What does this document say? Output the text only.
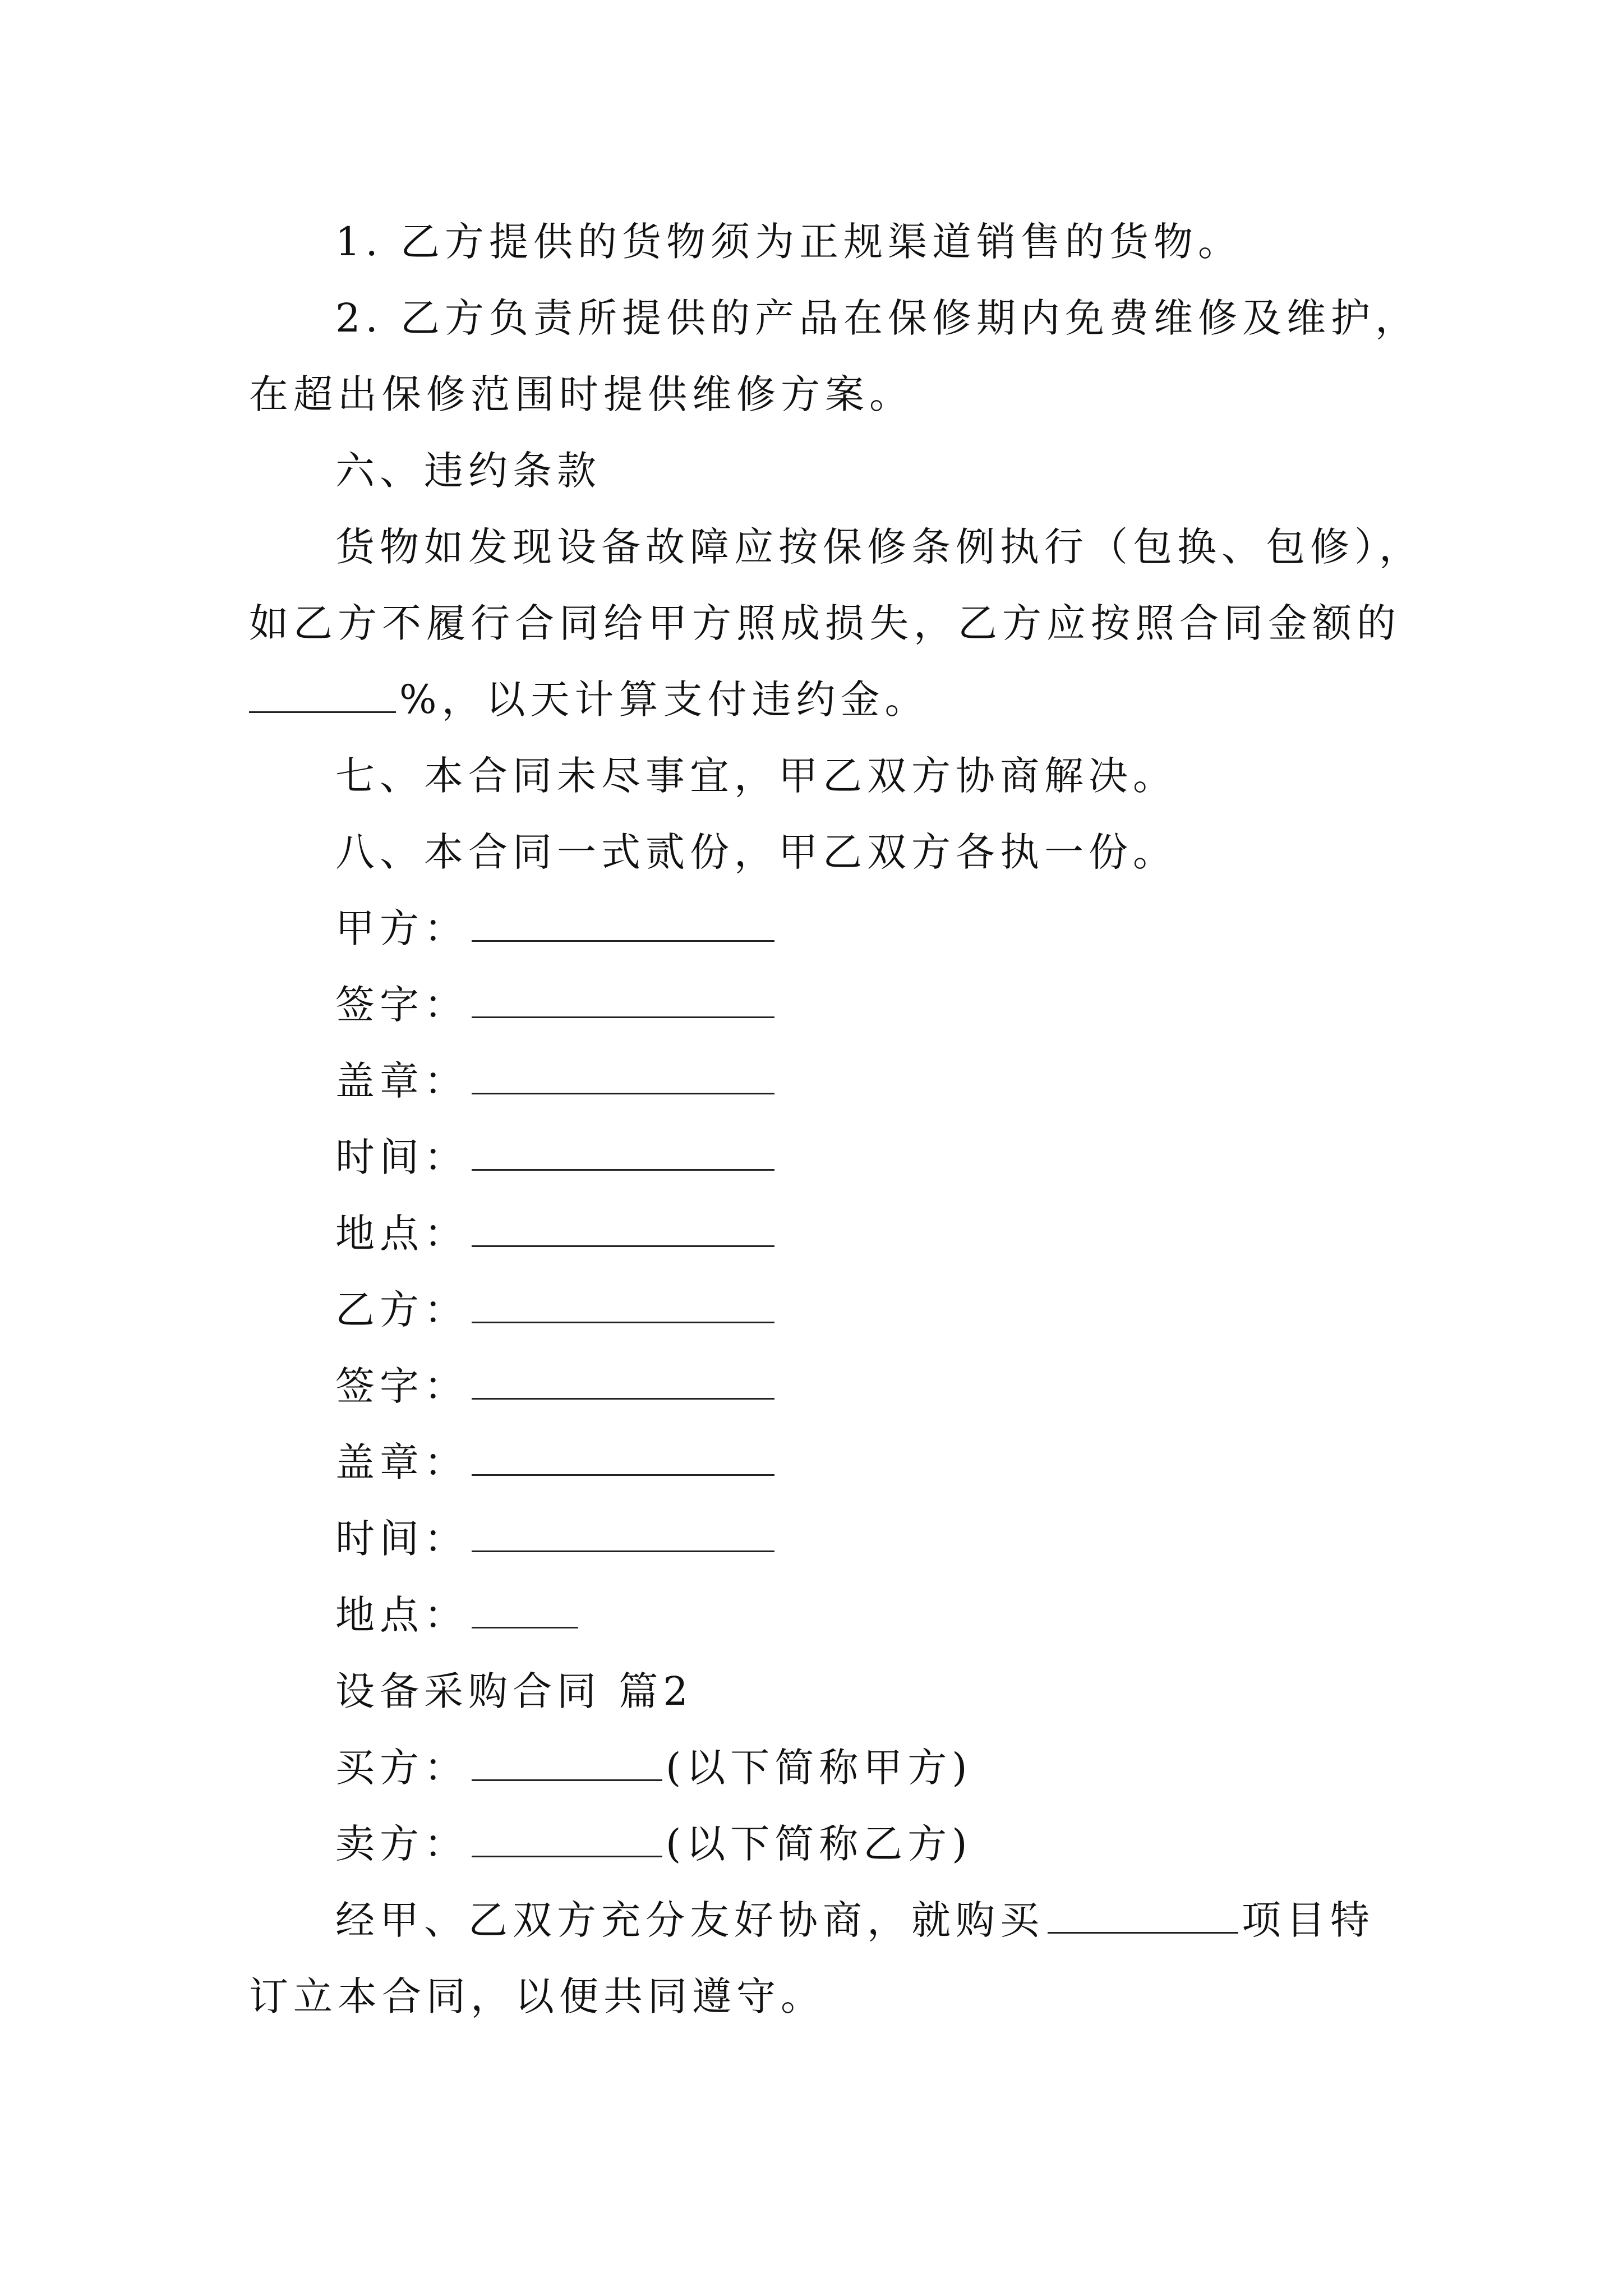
1. 乙方提供的货物须为正规渠道销售的货物。
2. 乙方负责所提供的产品在保修期内免费维修及维护，
在超出保修范围时提供维修方案。
六、违约条款
货物如发现设备故障应按保修条例执行（包换、包修），
如乙方不履行合同给甲方照成损失，乙方应按照合同金额的
%，以天计算支付违约金。
七、本合同未尽事宜，甲乙双方协商解决。
八、本合同一式贰份，甲乙双方各执一份。
甲方：
签字：
盖章：
时间：
地点：
乙方：
签字：
盖章：
时间：
地点：
设备采购合同 篇2
买方：	(以下简称甲方)
卖方：	(以下简称乙方)
经甲、乙双方充分友好协商，就购买	项目特
订立本合同，以便共同遵守。
